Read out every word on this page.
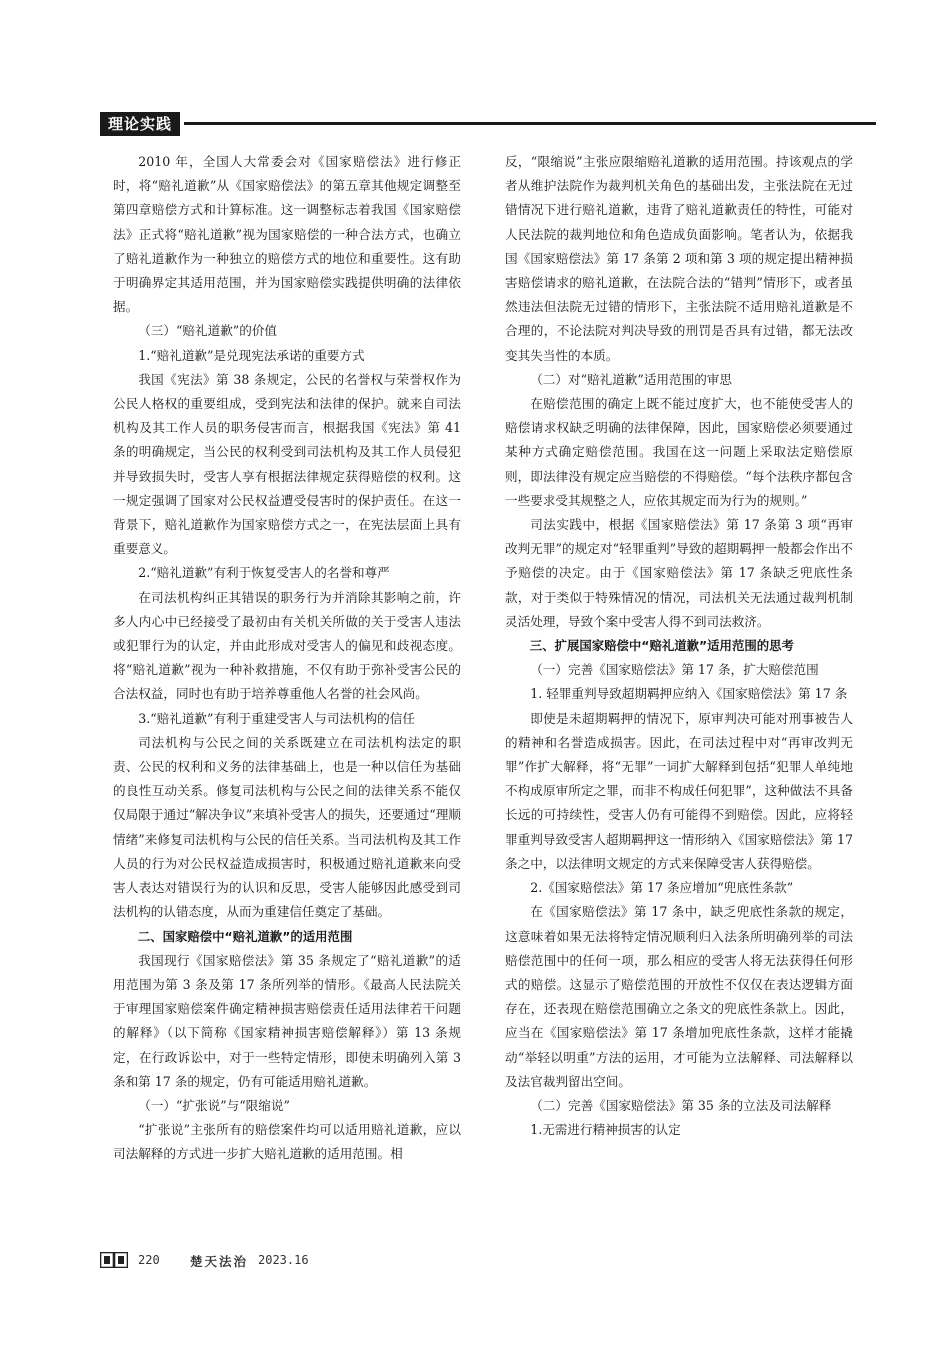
理论实践

2010 年，全国人大常委会对《国家赔偿法》进行修正时，将“赔礼道歉”从《国家赔偿法》的第五章其他规定调整至第四章赔偿方式和计算标准。这一调整标志着我国《国家赔偿法》正式将“赔礼道歉”视为国家赔偿的一种合法方式，也确立了赔礼道歉作为一种独立的赔偿方式的地位和重要性。这有助于明确界定其适用范围，并为国家赔偿实践提供明确的法律依据。

（三）“赔礼道歉”的价值

1.“赔礼道歉”是兑现宪法承诺的重要方式

我国《宪法》第 38 条规定，公民的名誉权与荣誉权作为公民人格权的重要组成，受到宪法和法律的保护。就来自司法机构及其工作人员的职务侵害而言，根据我国《宪法》第 41 条的明确规定，当公民的权利受到司法机构及其工作人员侵犯并导致损失时，受害人享有根据法律规定获得赔偿的权利。这一规定强调了国家对公民权益遭受侵害时的保护责任。在这一背景下，赔礼道歉作为国家赔偿方式之一，在宪法层面上具有重要意义。

2.“赔礼道歉”有利于恢复受害人的名誉和尊严

在司法机构纠正其错误的职务行为并消除其影响之前，许多人内心中已经接受了最初由有关机关所做的关于受害人违法或犯罪行为的认定，并由此形成对受害人的偏见和歧视态度。将“赔礼道歉”视为一种补救措施，不仅有助于弥补受害公民的合法权益，同时也有助于培养尊重他人名誉的社会风尚。

3.“赔礼道歉”有利于重建受害人与司法机构的信任

司法机构与公民之间的关系既建立在司法机构法定的职责、公民的权利和义务的法律基础上，也是一种以信任为基础的良性互动关系。修复司法机构与公民之间的法律关系不能仅仅局限于通过“解决争议”来填补受害人的损失，还要通过“理顺情绪”来修复司法机构与公民的信任关系。当司法机构及其工作人员的行为对公民权益造成损害时，积极通过赔礼道歉来向受害人表达对错误行为的认识和反思，受害人能够因此感受到司法机构的认错态度，从而为重建信任奠定了基础。

二、国家赔偿中“赔礼道歉”的适用范围

我国现行《国家赔偿法》第 35 条规定了“赔礼道歉”的适用范围为第 3 条及第 17 条所列举的情形。《最高人民法院关于审理国家赔偿案件确定精神损害赔偿责任适用法律若干问题的解释》（以下简称《国家精神损害赔偿解释》）第 13 条规定，在行政诉讼中，对于一些特定情形，即使未明确列入第 3 条和第 17 条的规定，仍有可能适用赔礼道歉。

（一）“扩张说”与“限缩说”

“扩张说”主张所有的赔偿案件均可以适用赔礼道歉，应以司法解释的方式进一步扩大赔礼道歉的适用范围。相

反，“限缩说”主张应限缩赔礼道歉的适用范围。持该观点的学者从维护法院作为裁判机关角色的基础出发，主张法院在无过错情况下进行赔礼道歉，违背了赔礼道歉责任的特性，可能对人民法院的裁判地位和角色造成负面影响。笔者认为，依据我国《国家赔偿法》第 17 条第 2 项和第 3 项的规定提出精神损害赔偿请求的赔礼道歉，在法院合法的“错判”情形下，或者虽然违法但法院无过错的情形下，主张法院不适用赔礼道歉是不合理的，不论法院对判决导致的刑罚是否具有过错，都无法改变其失当性的本质。

（二）对“赔礼道歉”适用范围的审思

在赔偿范围的确定上既不能过度扩大，也不能使受害人的赔偿请求权缺乏明确的法律保障，因此，国家赔偿必须要通过某种方式确定赔偿范围。我国在这一问题上采取法定赔偿原则，即法律没有规定应当赔偿的不得赔偿。“每个法秩序都包含一些要求受其规整之人，应依其规定而为行为的规则。”

司法实践中，根据《国家赔偿法》第 17 条第 3 项“再审改判无罪”的规定对“轻罪重判”导致的超期羁押一般都会作出不予赔偿的决定。由于《国家赔偿法》第 17 条缺乏兜底性条款，对于类似于特殊情况的情况，司法机关无法通过裁判机制灵活处理，导致个案中受害人得不到司法救济。

三、扩展国家赔偿中“赔礼道歉”适用范围的思考

（一）完善《国家赔偿法》第 17 条，扩大赔偿范围

1. 轻罪重判导致超期羁押应纳入《国家赔偿法》第 17 条

即使是未超期羁押的情况下，原审判决可能对刑事被告人的精神和名誉造成损害。因此，在司法过程中对“再审改判无罪”作扩大解释，将“无罪”一词扩大解释到包括“犯罪人单纯地不构成原审所定之罪，而非不构成任何犯罪”，这种做法不具备长远的可持续性，受害人仍有可能得不到赔偿。因此，应将轻罪重判导致受害人超期羁押这一情形纳入《国家赔偿法》第 17 条之中，以法律明文规定的方式来保障受害人获得赔偿。

2.《国家赔偿法》第 17 条应增加“兜底性条款”

在《国家赔偿法》第 17 条中，缺乏兜底性条款的规定，这意味着如果无法将特定情况顺利归入法条所明确列举的司法赔偿范围中的任何一项，那么相应的受害人将无法获得任何形式的赔偿。这显示了赔偿范围的开放性不仅仅在表达逻辑方面存在，还表现在赔偿范围确立之条文的兜底性条款上。因此，应当在《国家赔偿法》第 17 条增加兜底性条款，这样才能撬动“举轻以明重”方法的运用，才可能为立法解释、司法解释以及法官裁判留出空间。

（二）完善《国家赔偿法》第 35 条的立法及司法解释

1.无需进行精神损害的认定

220 楚天法治 2023.16
